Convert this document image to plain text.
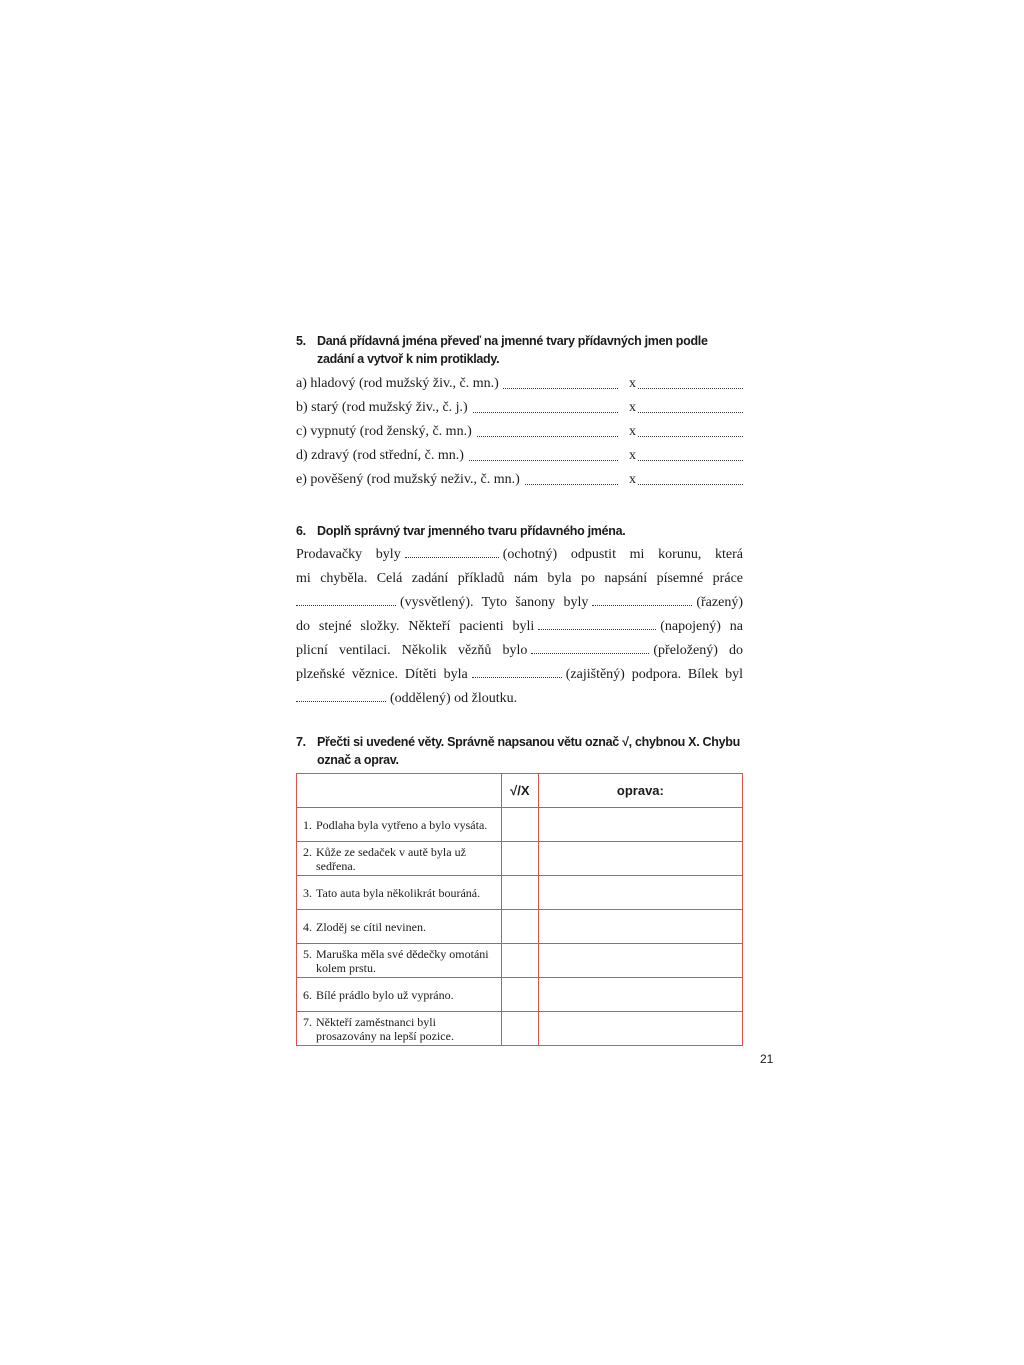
5. Daná přídavná jména převeď na jmenné tvary přídavných jmen podle zadání a vytvoř k nim protiklady.
a) hladový (rod mužský živ., č. mn.)	x
b) starý (rod mužský živ., č. j.)	x
c) vypnutý (rod ženský, č. mn.)	x
d) zdravý (rod střední, č. mn.)	x
e) pověšený (rod mužský neživ., č. mn.)	x
6. Doplň správný tvar jmenného tvaru přídavného jména.
Prodavačky byly	(ochotný) odpustit mi korunu, která
mi chyběla. Celá zadání příkladů nám byla po napsání písemné práce
(vysvětlený). Tyto šanony byly	(řazený)
do stejné složky. Někteří pacienti byli	(napojený) na
plicní ventilaci. Několik vězňů bylo	(přeložený) do
plzeňské věznice. Dítěti byla	(zajištěný) podpora. Bílek byl
(oddělený) od žloutku.
7. Přečti si uvedené věty. Správně napsanou větu označ √, chybnou X. Chybu označ a oprav.
	√/X	oprava:
1. Podlaha byla vytřeno a bylo vysáta.		
2. Kůže ze sedaček v autě byla už sedřena.		
3. Tato auta byla několikrát bouráná.		
4. Zloděj se cítil nevinen.		
5. Maruška měla své dědečky omotáni kolem prstu.		
6. Bílé prádlo bylo už vypráno.		
7. Někteří zaměstnanci byli prosazovány na lepší pozice.		
21
